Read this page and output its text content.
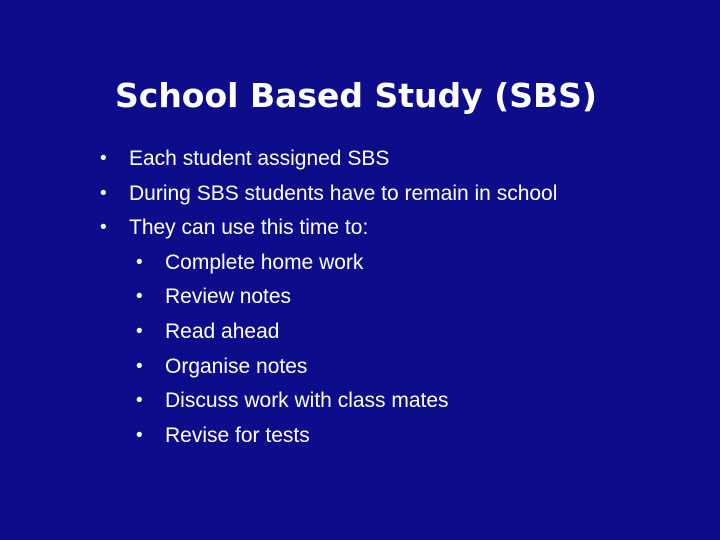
School Based Study (SBS)
• Each student assigned SBS
• During SBS students have to remain in school
• They can use this time to:
• Complete home work
• Review notes
• Read ahead
• Organise notes
• Discuss work with class mates
• Revise for tests
